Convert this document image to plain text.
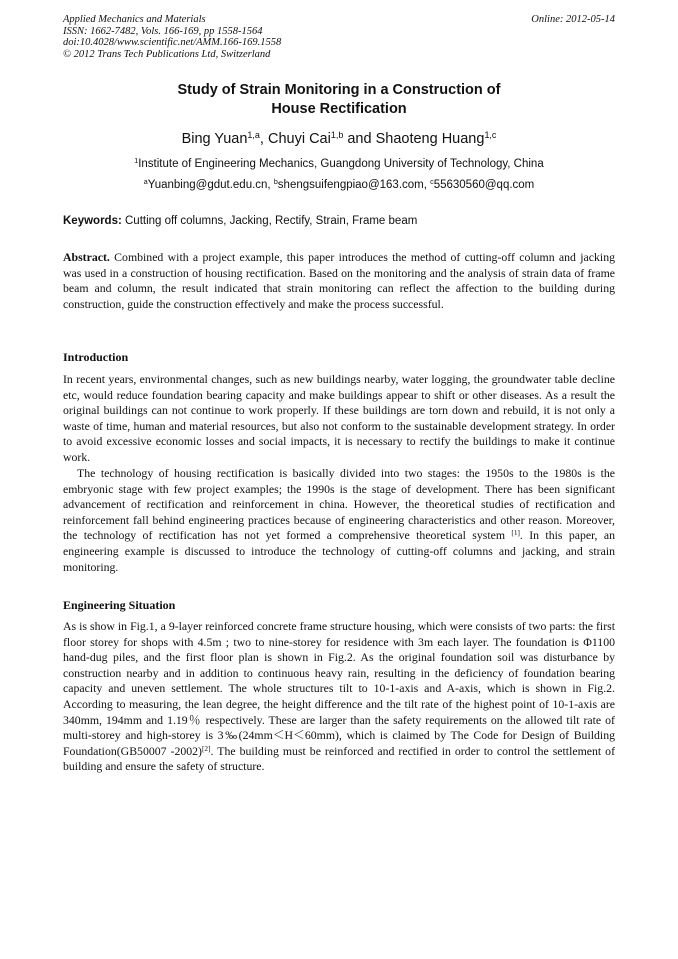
Applied Mechanics and Materials
ISSN: 1662-7482, Vols. 166-169, pp 1558-1564
doi:10.4028/www.scientific.net/AMM.166-169.1558
© 2012 Trans Tech Publications Ltd, Switzerland
Online: 2012-05-14
Study of Strain Monitoring in a Construction of
House Rectification
Bing Yuan$^{1,a}$, Chuyi Cai$^{1,b}$ and Shaoteng Huang$^{1,c}$
$^1$Institute of Engineering Mechanics, Guangdong University of Technology, China
$^a$Yuanbing@gdut.edu.cn, $^b$shengsuifengpiao@163.com, $^c$55630560@qq.com
Keywords: Cutting off columns, Jacking, Rectify, Strain, Frame beam

Abstract. Combined with a project example, this paper introduces the method of cutting-off column and jacking was used in a construction of housing rectification. Based on the monitoring and the analysis of strain data of frame beam and column, the result indicated that strain monitoring can reflect the affection to the building during construction, guide the construction effectively and make the process successful.

Introduction

In recent years, environmental changes, such as new buildings nearby, water logging, the groundwater table decline etc, would reduce foundation bearing capacity and make buildings appear to shift or other diseases. As a result the original buildings can not continue to work properly. If these buildings are torn down and rebuild, it is not only a waste of time, human and material resources, but also not conform to the sustainable development strategy. In order to avoid excessive economic losses and social impacts, it is necessary to rectify the buildings to make it continue work.

The technology of housing rectification is basically divided into two stages: the 1950s to the 1980s is the embryonic stage with few project examples; the 1990s is the stage of development. There has been significant advancement of rectification and reinforcement in china. However, the theoretical studies of rectification and reinforcement fall behind engineering practices because of engineering characteristics and other reason. Moreover, the technology of rectification has not yet formed a comprehensive theoretical system [1]. In this paper, an engineering example is discussed to introduce the technology of cutting-off columns and jacking, and strain monitoring.

Engineering Situation

As is show in Fig.1, a 9-layer reinforced concrete frame structure housing, which were consists of two parts: the first floor storey for shops with 4.5m ; two to nine-storey for residence with 3m each layer. The foundation is Φ1100 hand-dug piles, and the first floor plan is shown in Fig.2. As the original foundation soil was disturbance by construction nearby and in addition to continuous heavy rain, resulting in the deficiency of foundation bearing capacity and uneven settlement. The whole structures tilt to 10-1-axis and A-axis, which is shown in Fig.2. According to measuring, the lean degree, the height difference and the tilt rate of the highest point of 10-1-axis are 340mm, 194mm and 1.19％ respectively. These are larger than the safety requirements on the allowed tilt rate of multi-storey and high-storey is 3‰(24mm＜H＜60mm), which is claimed by The Code for Design of Building Foundation(GB50007 -2002)[2]. The building must be reinforced and rectified in order to control the settlement of building and ensure the safety of structure.
